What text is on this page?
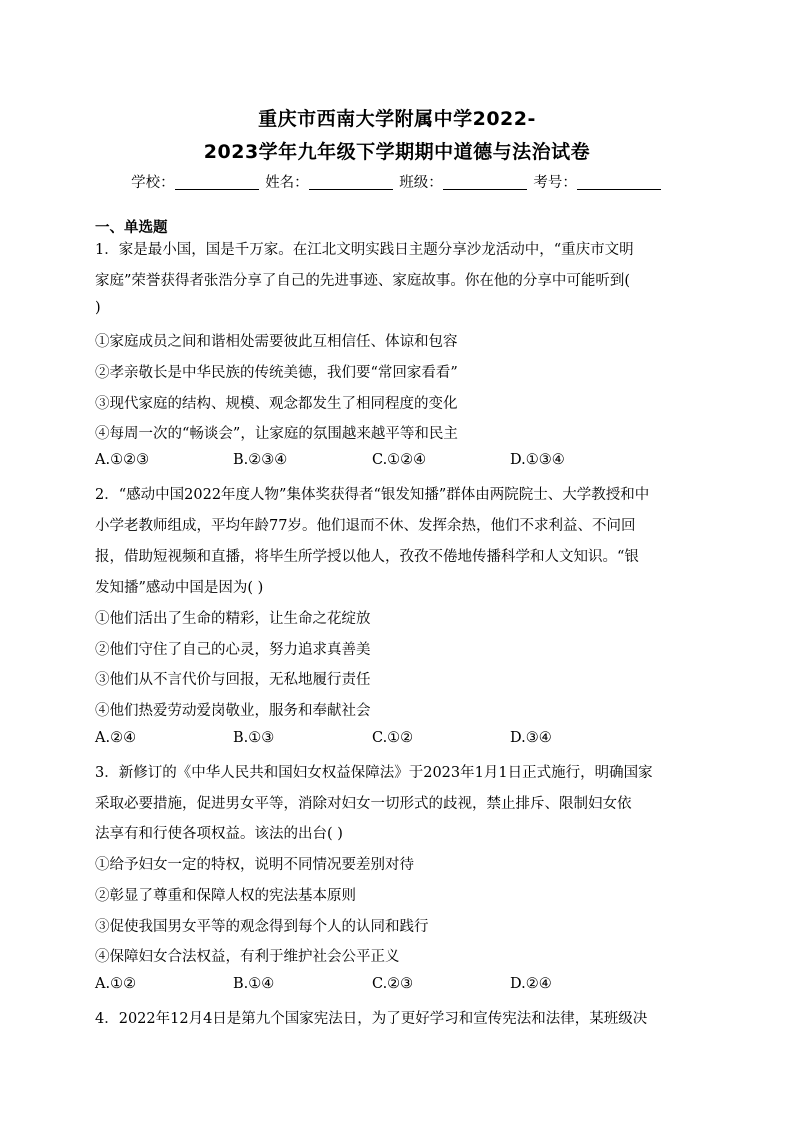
重庆市西南大学附属中学2022-
2023学年九年级下学期期中道德与法治试卷
学校：	姓名：	班级：	考号：
一、单选题
1．家是最小国，国是千万家。在江北文明实践日主题分享沙龙活动中，“重庆市文明
家庭”荣誉获得者张浩分享了自己的先进事迹、家庭故事。你在他的分享中可能听到(
)
①家庭成员之间和谐相处需要彼此互相信任、体谅和包容
②孝亲敬长是中华民族的传统美德，我们要“常回家看看”
③现代家庭的结构、规模、观念都发生了相同程度的变化
④每周一次的“畅谈会”，让家庭的氛围越来越平等和民主
A.①②③	B.②③④	C.①②④	D.①③④
2．“感动中国2022年度人物”集体奖获得者“银发知播”群体由两院院士、大学教授和中
小学老教师组成，平均年龄77岁。他们退而不休、发挥余热，他们不求利益、不问回
报，借助短视频和直播，将毕生所学授以他人，孜孜不倦地传播科学和人文知识。“银
发知播”感动中国是因为( )
①他们活出了生命的精彩，让生命之花绽放
②他们守住了自己的心灵，努力追求真善美
③他们从不言代价与回报，无私地履行责任
④他们热爱劳动爱岗敬业，服务和奉献社会
A.②④	B.①③	C.①②	D.③④
3．新修订的《中华人民共和国妇女权益保障法》于2023年1月1日正式施行，明确国家
采取必要措施，促进男女平等，消除对妇女一切形式的歧视，禁止排斥、限制妇女依
法享有和行使各项权益。该法的出台( )
①给予妇女一定的特权，说明不同情况要差别对待
②彰显了尊重和保障人权的宪法基本原则
③促使我国男女平等的观念得到每个人的认同和践行
④保障妇女合法权益，有利于维护社会公平正义
A.①②	B.①④	C.②③	D.②④
4．2022年12月4日是第九个国家宪法日，为了更好学习和宣传宪法和法律，某班级决
